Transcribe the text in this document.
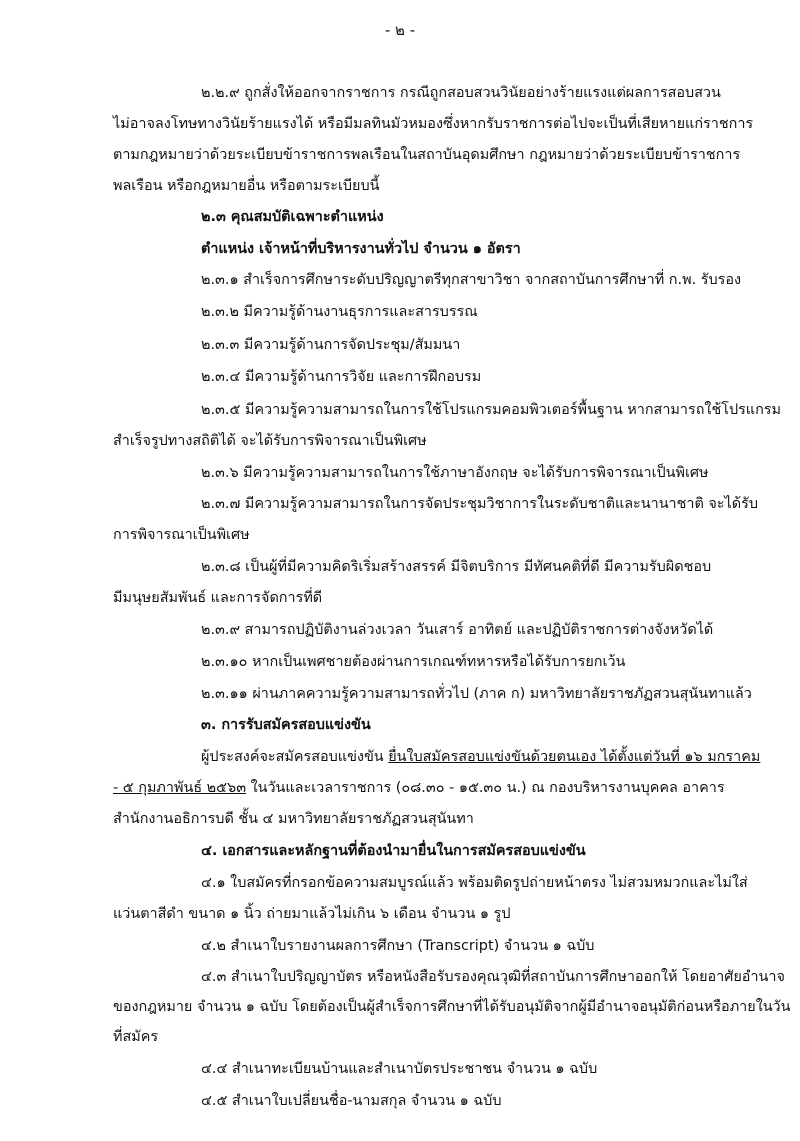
- ๒ -
๒.๒.๙ ถูกสั่งให้ออกจากราชการ กรณีถูกสอบสวนวินัยอย่างร้ายแรงแต่ผลการสอบสวน
ไม่อาจลงโทษทางวินัยร้ายแรงได้ หรือมีมลทินมัวหมองซึ่งหากรับราชการต่อไปจะเป็นที่เสียหายแก่ราชการ
ตามกฎหมายว่าด้วยระเบียบข้าราชการพลเรือนในสถาบันอุดมศึกษา กฎหมายว่าด้วยระเบียบข้าราชการ
พลเรือน หรือกฎหมายอื่น หรือตามระเบียบนี้
๒.๓ คุณสมบัติเฉพาะตำแหน่ง
ตำแหน่ง เจ้าหน้าที่บริหารงานทั่วไป จำนวน ๑ อัตรา
๒.๓.๑ สำเร็จการศึกษาระดับปริญญาตรีทุกสาขาวิชา จากสถาบันการศึกษาที่ ก.พ. รับรอง
๒.๓.๒ มีความรู้ด้านงานธุรการและสารบรรณ
๒.๓.๓ มีความรู้ด้านการจัดประชุม/สัมมนา
๒.๓.๔ มีความรู้ด้านการวิจัย และการฝึกอบรม
๒.๓.๕ มีความรู้ความสามารถในการใช้โปรแกรมคอมพิวเตอร์พื้นฐาน หากสามารถใช้โปรแกรม
สำเร็จรูปทางสถิติได้ จะได้รับการพิจารณาเป็นพิเศษ
๒.๓.๖ มีความรู้ความสามารถในการใช้ภาษาอังกฤษ จะได้รับการพิจารณาเป็นพิเศษ
๒.๓.๗ มีความรู้ความสามารถในการจัดประชุมวิชาการในระดับชาติและนานาชาติ จะได้รับ
การพิจารณาเป็นพิเศษ
๒.๓.๘ เป็นผู้ที่มีความคิดริเริ่มสร้างสรรค์ มีจิตบริการ มีทัศนคติที่ดี มีความรับผิดชอบ
มีมนุษยสัมพันธ์ และการจัดการที่ดี
๒.๓.๙ สามารถปฏิบัติงานล่วงเวลา วันเสาร์ อาทิตย์ และปฏิบัติราชการต่างจังหวัดได้
๒.๓.๑๐ หากเป็นเพศชายต้องผ่านการเกณฑ์ทหารหรือได้รับการยกเว้น
๒.๓.๑๑ ผ่านภาคความรู้ความสามารถทั่วไป (ภาค ก) มหาวิทยาลัยราชภัฏสวนสุนันทาแล้ว
๓. การรับสมัครสอบแข่งขัน
ผู้ประสงค์จะสมัครสอบแข่งขัน ยื่นใบสมัครสอบแข่งขันด้วยตนเอง ได้ตั้งแต่วันที่ ๑๖ มกราคม
- ๕ กุมภาพันธ์ ๒๕๖๓ ในวันและเวลาราชการ (๐๘.๓๐ - ๑๕.๓๐ น.) ณ กองบริหารงานบุคคล อาคาร
สำนักงานอธิการบดี ชั้น ๔ มหาวิทยาลัยราชภัฏสวนสุนันทา
๔. เอกสารและหลักฐานที่ต้องนำมายื่นในการสมัครสอบแข่งขัน
๔.๑ ใบสมัครที่กรอกข้อความสมบูรณ์แล้ว พร้อมติดรูปถ่ายหน้าตรง ไม่สวมหมวกและไม่ใส่
แว่นตาสีดำ ขนาด ๑ นิ้ว ถ่ายมาแล้วไม่เกิน ๖ เดือน จำนวน ๑ รูป
๔.๒ สำเนาใบรายงานผลการศึกษา (Transcript) จำนวน ๑ ฉบับ
๔.๓ สำเนาใบปริญญาบัตร หรือหนังสือรับรองคุณวุฒิที่สถาบันการศึกษาออกให้ โดยอาศัยอำนาจ
ของกฎหมาย จำนวน ๑ ฉบับ โดยต้องเป็นผู้สำเร็จการศึกษาที่ได้รับอนุมัติจากผู้มีอำนาจอนุมัติก่อนหรือภายในวัน
ที่สมัคร
๔.๔ สำเนาทะเบียนบ้านและสำเนาบัตรประชาชน จำนวน ๑ ฉบับ
๔.๕ สำเนาใบเปลี่ยนชื่อ-นามสกุล จำนวน ๑ ฉบับ
